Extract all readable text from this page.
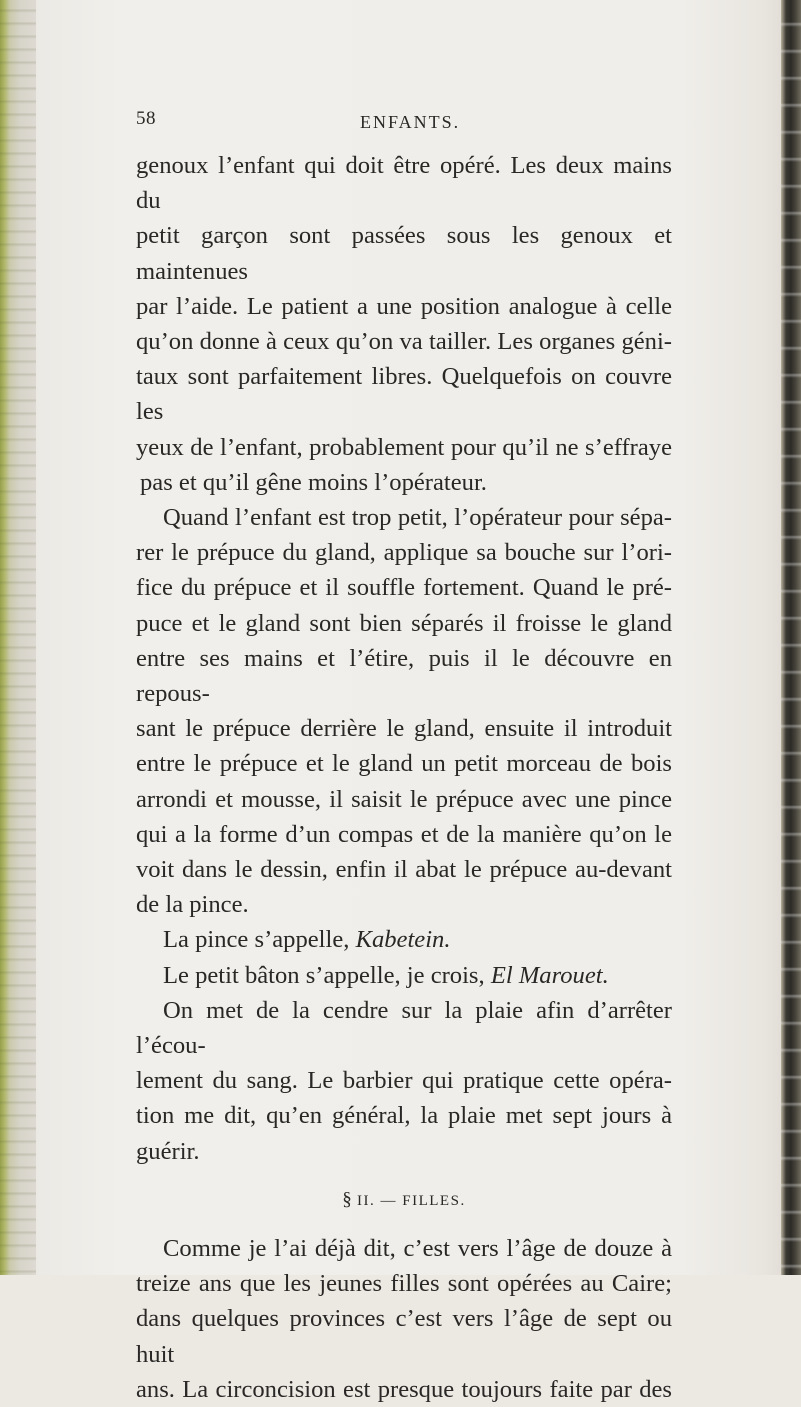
58	ENFANTS.

genoux l’enfant qui doit être opéré. Les deux mains du

petit garçon sont passées sous les genoux et maintenues

par l’aide. Le patient a une position analogue à celle

qu’on donne à ceux qu’on va tailler. Les organes géni-

taux sont parfaitement libres. Quelquefois on couvre les

yeux de l’enfant, probablement pour qu’il ne s’effraye

pas et qu’il gêne moins l’opérateur.

Quand l’enfant est trop petit, l’opérateur pour sépa-

rer le prépuce du gland, applique sa bouche sur l’ori-

fice du prépuce et il souffle fortement. Quand le pré-

puce et le gland sont bien séparés il froisse le gland

entre ses mains et l’étire, puis il le découvre en repous-

sant le prépuce derrière le gland, ensuite il introduit

entre le prépuce et le gland un petit morceau de bois

arrondi et mousse, il saisit le prépuce avec une pince

qui a la forme d’un compas et de la manière qu’on le

voit dans le dessin, enfin il abat le prépuce au-devant

de la pince.

La pince s’appelle, Kabetein.

Le petit bâton s’appelle, je crois, El Marouet.

On met de la cendre sur la plaie afin d’arrêter l’écou-

lement du sang. Le barbier qui pratique cette opéra-

tion me dit, qu’en général, la plaie met sept jours à

guérir.

§ II. — FILLES.

Comme je l’ai déjà dit, c’est vers l’âge de douze à

treize ans que les jeunes filles sont opérées au Caire;

dans quelques provinces c’est vers l’âge de sept ou huit

ans. La circoncision est presque toujours faite par des
